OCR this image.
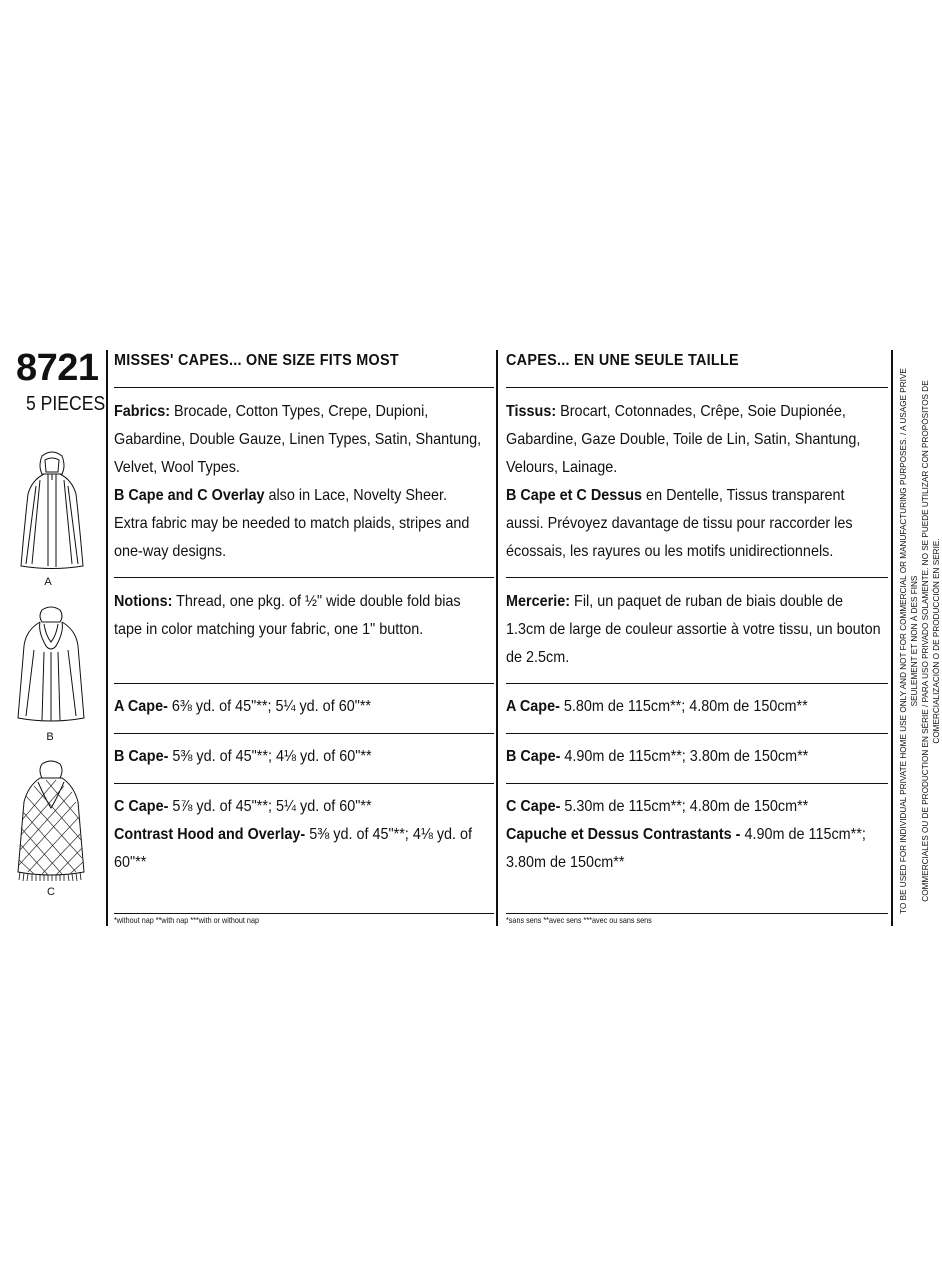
8721
5 PIECES
A
B
C
MISSES' CAPES... ONE SIZE FITS MOST
Fabrics: Brocade, Cotton Types, Crepe, Dupioni, Gabardine, Double Gauze, Linen Types, Satin, Shantung, Velvet, Wool Types.
B Cape and C Overlay also in Lace, Novelty Sheer. Extra fabric may be needed to match plaids, stripes and one-way designs.
Notions: Thread, one pkg. of ½" wide double fold bias tape in color matching your fabric, one 1" button.
A Cape- 6⅜ yd. of 45"**; 5¼ yd. of 60"**
B Cape- 5⅜ yd. of 45"**; 4⅛ yd. of 60"**
C Cape- 5⅞ yd. of 45"**; 5¼ yd. of 60"**
Contrast Hood and Overlay- 5⅜ yd. of 45"**; 4⅛ yd. of 60"**
*without nap **with nap ***with or without nap
CAPES... EN UNE SEULE TAILLE
Tissus: Brocart, Cotonnades, Crêpe, Soie Dupionée, Gabardine, Gaze Double, Toile de Lin, Satin, Shantung, Velours, Lainage.
B Cape et C Dessus en Dentelle, Tissus transparent aussi. Prévoyez davantage de tissu pour raccorder les écossais, les rayures ou les motifs unidirectionnels.
Mercerie: Fil, un paquet de ruban de biais double de 1.3cm de large de couleur assortie à votre tissu, un bouton de 2.5cm.
A Cape- 5.80m de 115cm**; 4.80m de 150cm**
B Cape- 4.90m de 115cm**; 3.80m de 150cm**
C Cape- 5.30m de 115cm**; 4.80m de 150cm**
Capuche et Dessus Contrastants - 4.90m de 115cm**; 3.80m de 150cm**
*sans sens **avec sens ***avec ou sans sens
TO BE USED FOR INDIVIDUAL PRIVATE HOME USE ONLY AND NOT FOR COMMERCIAL OR MANUFACTURING PURPOSES. / A USAGE PRIVE SEULEMENT ET NON À DES FINS COMMERCIALES OU DE PRODUCTION EN SÉRIE / PARA USO PRIVADO SOLAMENTE. NO SE PUEDE UTILIZAR CON PROPÓSITOS DE COMERCIALIZACIÓN O DE PRODUCCIÓN EN SERIE.
